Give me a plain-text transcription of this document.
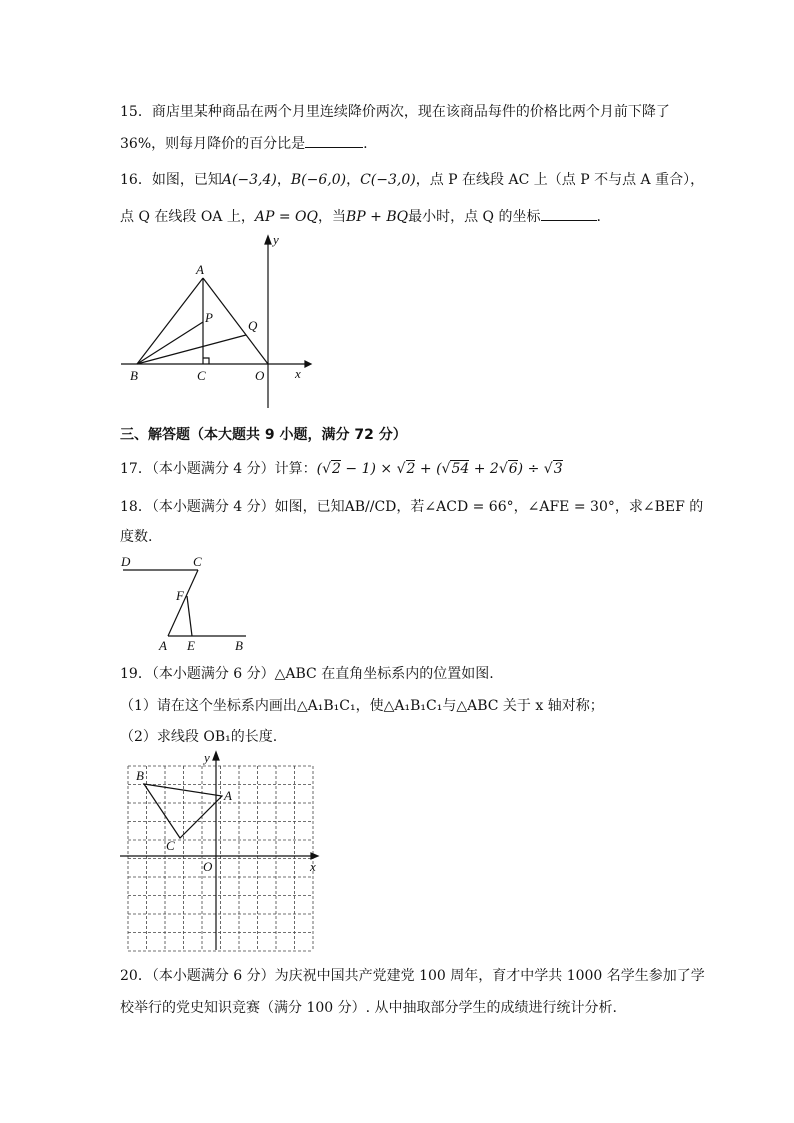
15．商店里某种商品在两个月里连续降价两次，现在该商品每件的价格比两个月前下降了
36%，则每月降价的百分比是	.
16．如图，已知A(−3,4)，B(−6,0)，C(−3,0)，点 P 在线段 AC 上（点 P 不与点 A 重合），
点 Q 在线段 OA 上，AP = OQ，当BP + BQ最小时，点 Q 的坐标	.
A
P
Q
B	C	O x
y
三、解答题（本大题共 9 小题，满分 72 分）
17．（本小题满分 4 分）计算：(√2 − 1) × √2 + (√54 + 2√6) ÷ √3
18．（本小题满分 4 分）如图，已知AB//CD，若∠ACD = 66°，∠AFE = 30°，求∠BEF 的
度数.
D	C
F
A E	B
19．（本小题满分 6 分）△ABC 在直角坐标系内的位置如图.
（1）请在这个坐标系内画出△A₁B₁C₁，使△A₁B₁C₁与△ABC 关于 x 轴对称；
（2）求线段 OB₁的长度.
B
A
C
O	x
y
20．（本小题满分 6 分）为庆祝中国共产党建党 100 周年，育才中学共 1000 名学生参加了学
校举行的党史知识竞赛（满分 100 分）. 从中抽取部分学生的成绩进行统计分析.
